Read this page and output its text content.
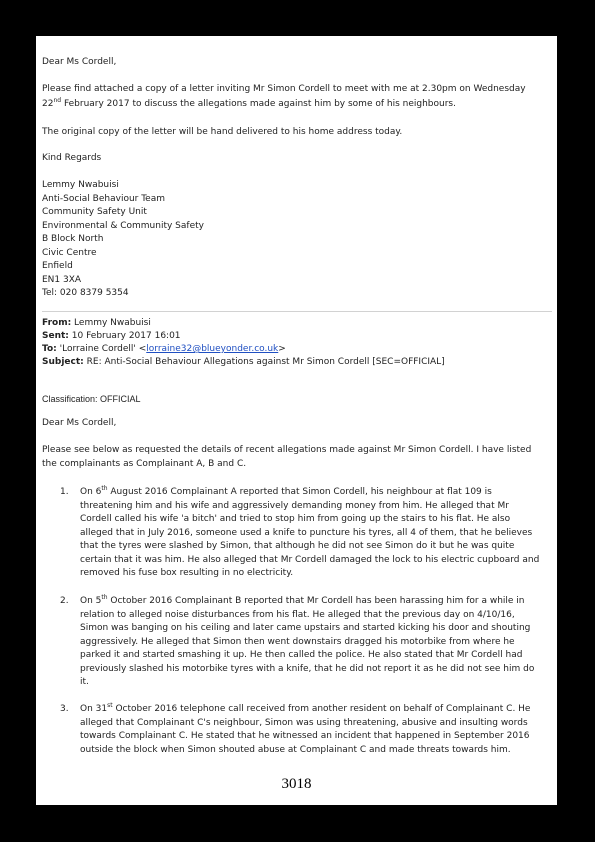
Dear Ms Cordell,

Please find attached a copy of a letter inviting Mr Simon Cordell to meet with me at 2.30pm on Wednesday

22nd February 2017 to discuss the allegations made against him by some of his neighbours.

The original copy of the letter will be hand delivered to his home address today.

Kind Regards

Lemmy Nwabuisi

Anti-Social Behaviour Team

Community Safety Unit

Environmental & Community Safety

B Block North

Civic Centre

Enfield

EN1 3XA

Tel: 020 8379 5354

From: Lemmy Nwabuisi
Sent: 10 February 2017 16:01
To: 'Lorraine Cordell' <lorraine32@blueyonder.co.uk>
Subject: RE: Anti-Social Behaviour Allegations against Mr Simon Cordell [SEC=OFFICIAL]

Classification: OFFICIAL

Dear Ms Cordell,

Please see below as requested the details of recent allegations made against Mr Simon Cordell. I have listed

the complainants as Complainant A, B and C.

1. On 6th August 2016 Complainant A reported that Simon Cordell, his neighbour at flat 109 is
threatening him and his wife and aggressively demanding money from him. He alleged that Mr
Cordell called his wife 'a bitch' and tried to stop him from going up the stairs to his flat. He also
alleged that in July 2016, someone used a knife to puncture his tyres, all 4 of them, that he believes
that the tyres were slashed by Simon, that although he did not see Simon do it but he was quite
certain that it was him. He also alleged that Mr Cordell damaged the lock to his electric cupboard and
removed his fuse box resulting in no electricity.
2. On 5th October 2016 Complainant B reported that Mr Cordell has been harassing him for a while in
relation to alleged noise disturbances from his flat. He alleged that the previous day on 4/10/16,
Simon was banging on his ceiling and later came upstairs and started kicking his door and shouting
aggressively. He alleged that Simon then went downstairs dragged his motorbike from where he
parked it and started smashing it up. He then called the police. He also stated that Mr Cordell had
previously slashed his motorbike tyres with a knife, that he did not report it as he did not see him do
it.
3. On 31st October 2016 telephone call received from another resident on behalf of Complainant C. He
alleged that Complainant C's neighbour, Simon was using threatening, abusive and insulting words
towards Complainant C. He stated that he witnessed an incident that happened in September 2016
outside the block when Simon shouted abuse at Complainant C and made threats towards him.
3018
